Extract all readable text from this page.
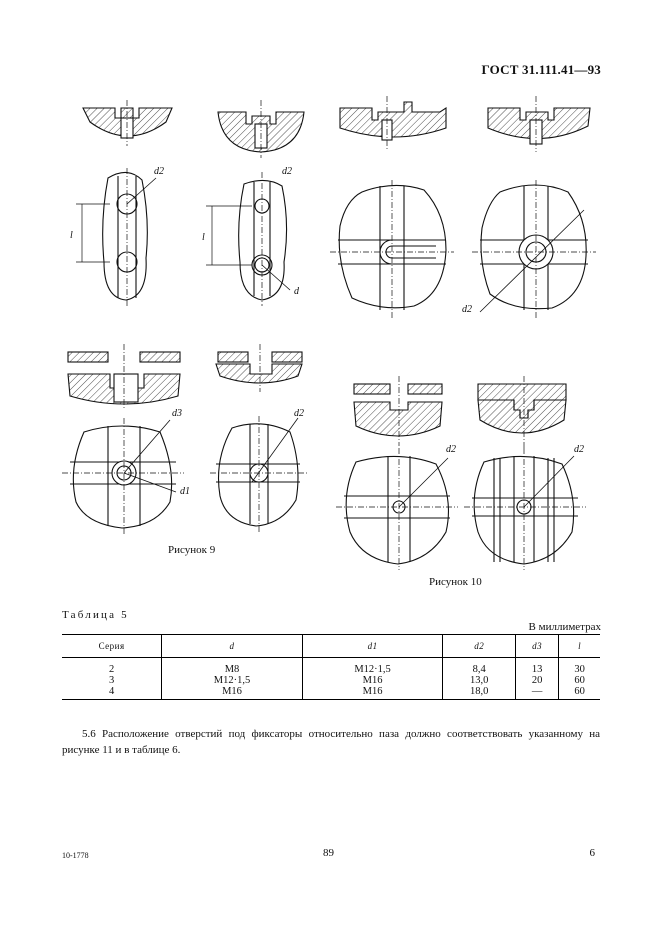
ГОСТ 31.111.41—93
d2
l
d2
l
d
d2
d3
d1
d2
d2	d2
Рисунок 9
Рисунок 10
Таблица 5
В миллиметрах
Серия	d	d1	d2	d3	l
2	M8	M12·1,5	8,4	13	30
3	M12·1,5	M16	13,0	20	60
4	M16	M16	18,0	—	60
5.6 Расположение отверстий под фиксаторы относительно паза должно соответствовать указанному на рисунке 11 и в таблице 6.
10-1778	89	6
